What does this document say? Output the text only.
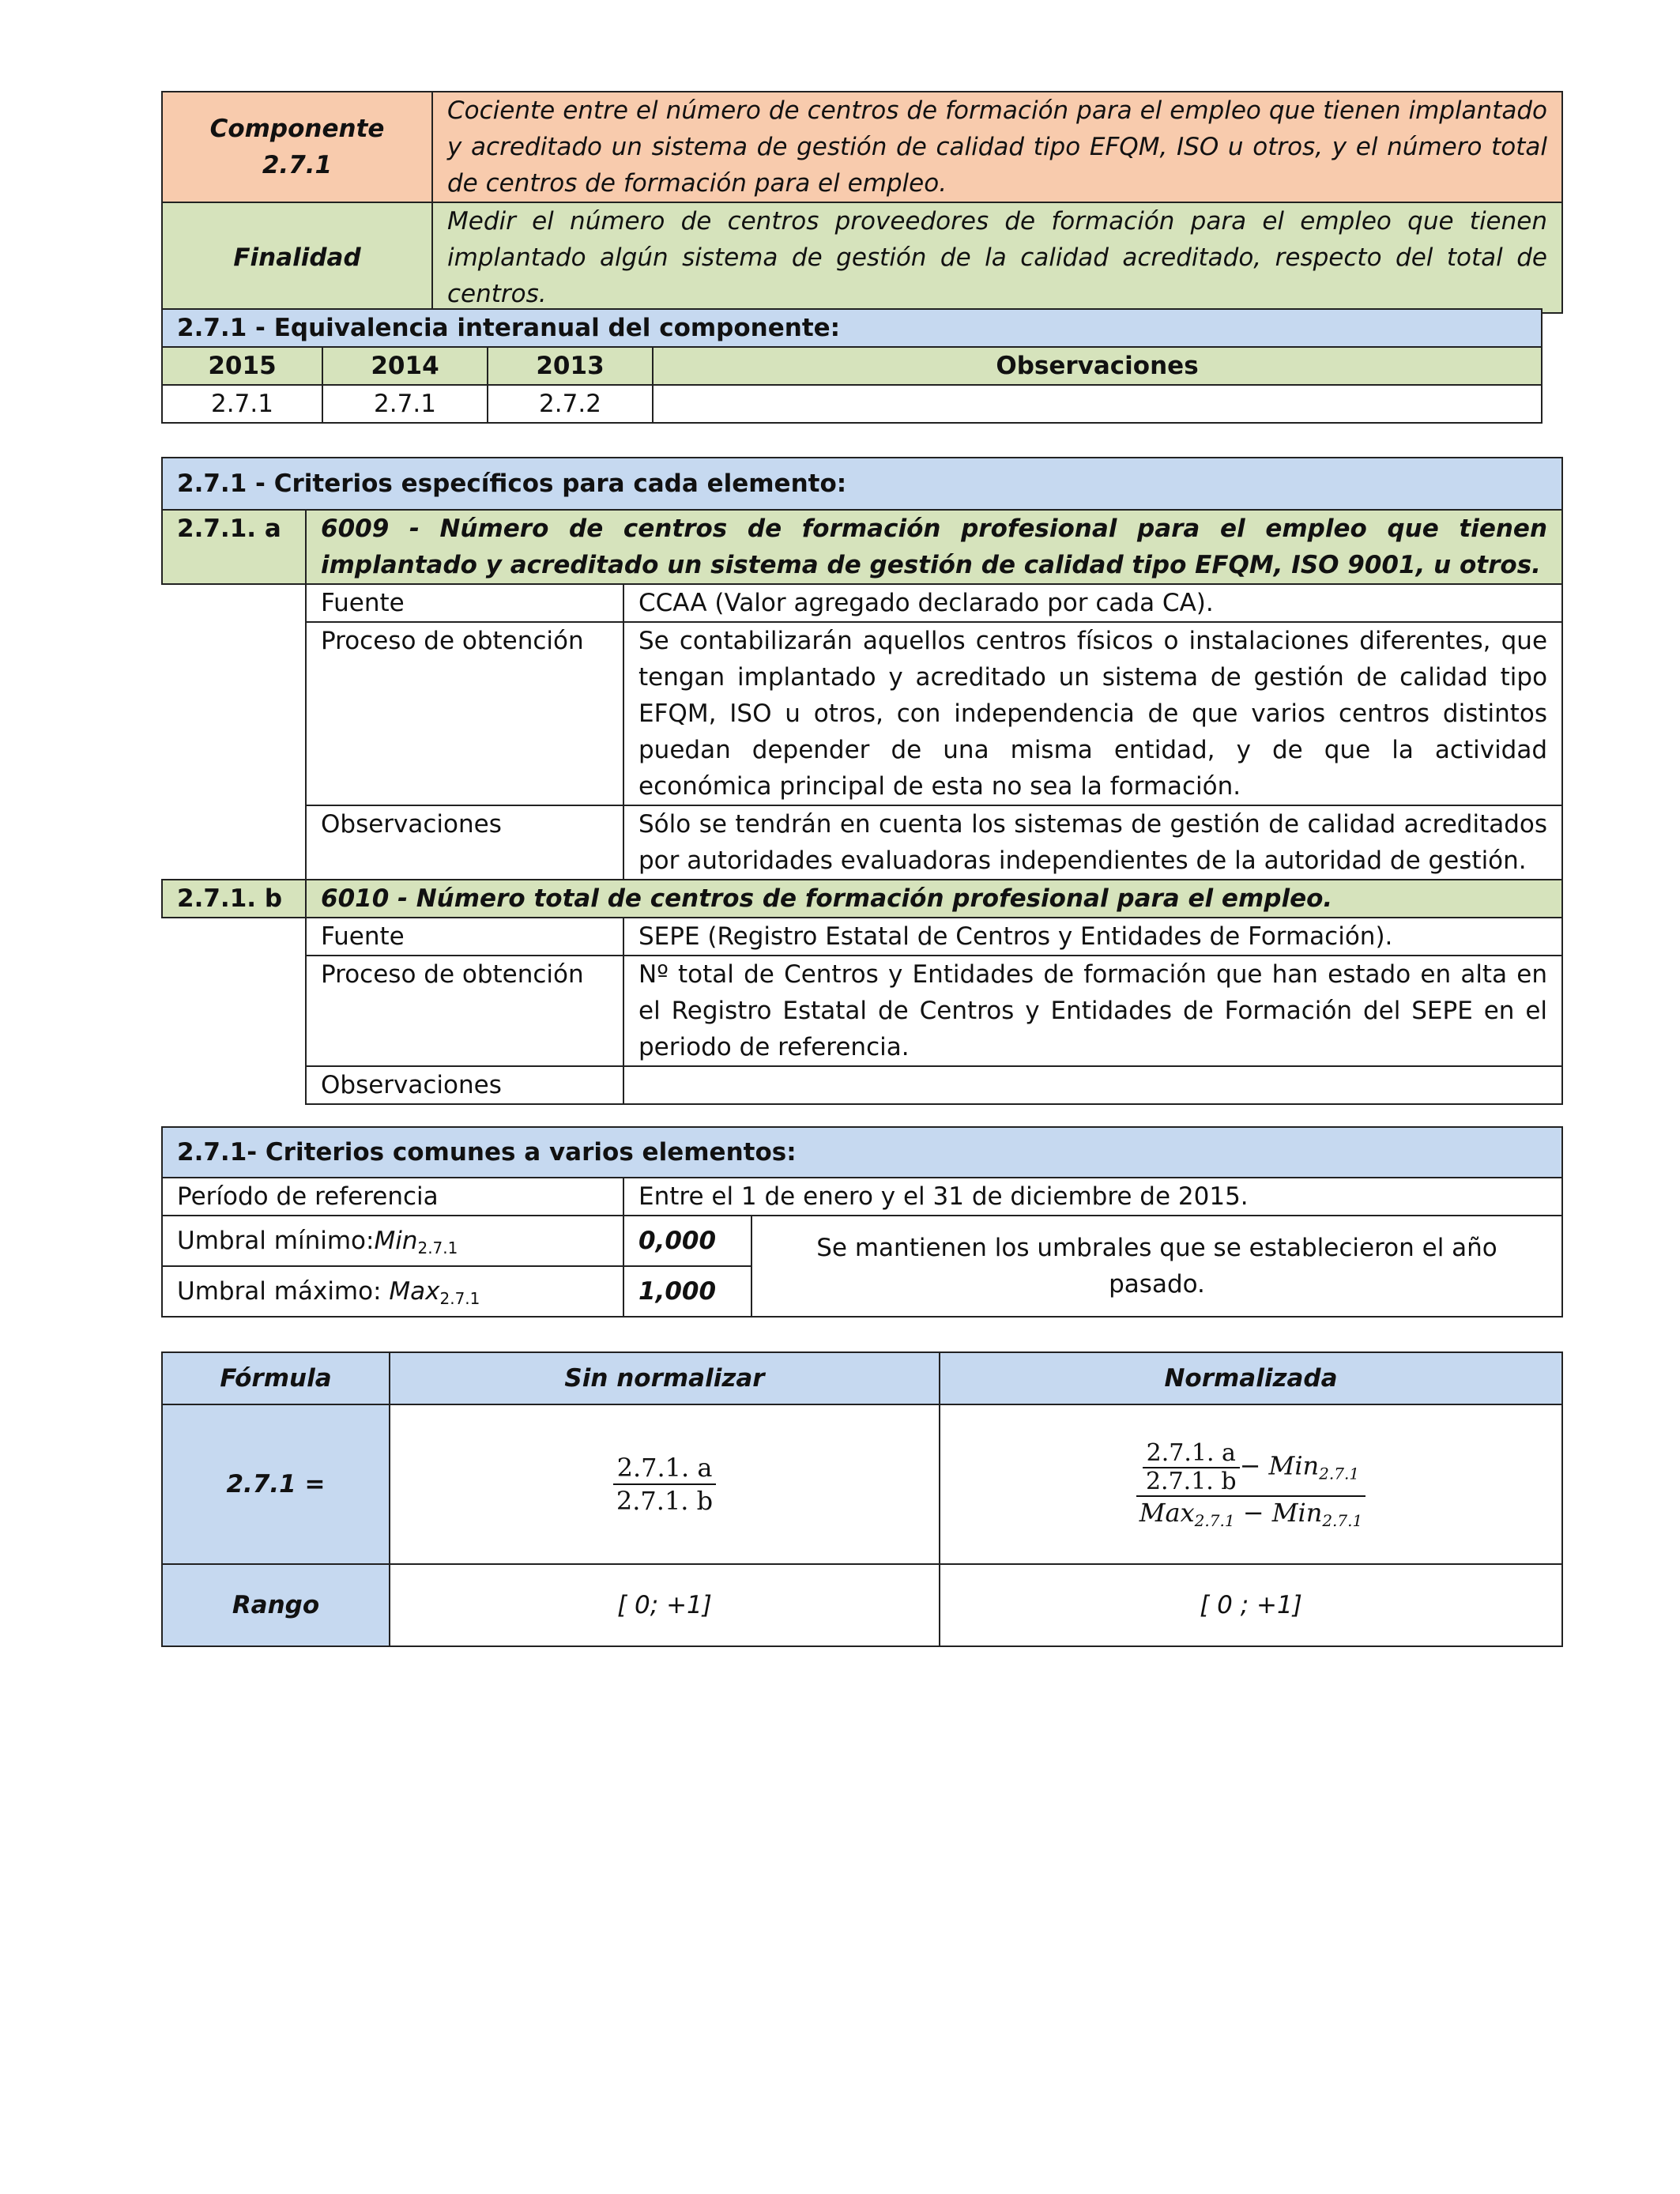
Componente
2.7.1	Cociente entre el número de centros de formación para el empleo que tienen implantado y acreditado un sistema de gestión de calidad tipo EFQM, ISO u otros, y el número total de centros de formación para el empleo.
Finalidad	Medir el número de centros proveedores de formación para el empleo que tienen implantado algún sistema de gestión de la calidad acreditado, respecto del total de centros.
2.7.1 - Equivalencia interanual del componente:			
2015	2014	2013	Observaciones
2.7.1	2.7.1	2.7.2	
2.7.1 - Criterios específicos para cada elemento:		
2.7.1. a	6009 - Número de centros de formación profesional para el empleo que tienen implantado y acreditado un sistema de gestión de calidad tipo EFQM, ISO 9001, u otros.	
	Fuente	CCAA (Valor agregado declarado por cada CA).
	Proceso de obtención	Se contabilizarán aquellos centros físicos o instalaciones diferentes, que tengan implantado y acreditado un sistema de gestión de calidad tipo EFQM, ISO u otros, con independencia de que varios centros distintos puedan depender de una misma entidad, y de que la actividad económica principal de esta no sea la formación.
	Observaciones	Sólo se tendrán en cuenta los sistemas de gestión de calidad acreditados por autoridades evaluadoras independientes de la autoridad de gestión.
2.7.1. b	6010 - Número total de centros de formación profesional para el empleo.	
	Fuente	SEPE (Registro Estatal de Centros y Entidades de Formación).
	Proceso de obtención	Nº total de Centros y Entidades de formación que han estado en alta en el Registro Estatal de Centros y Entidades de Formación del SEPE en el periodo de referencia.
	Observaciones	
2.7.1- Criterios comunes a varios elementos:		
Período de referencia	Entre el 1 de enero y el 31 de diciembre de 2015.	
Umbral mínimo:Min$_{2.7.1}$	0,000	Se mantienen los umbrales que se establecieron el año pasado.
Umbral máximo: Max$_{2.7.1}$	1,000	
Fórmula	Sin normalizar	Normalizada
2.7.1 =	$\frac{2.7.1. a}{2.7.1. b}$	$\frac{\frac{2.7.1. a}{2.7.1. b} - Min_{2.7.1}}{Max_{2.7.1} - Min_{2.7.1}}$

Rango	[ 0; +1]	[ 0 ; +1]
